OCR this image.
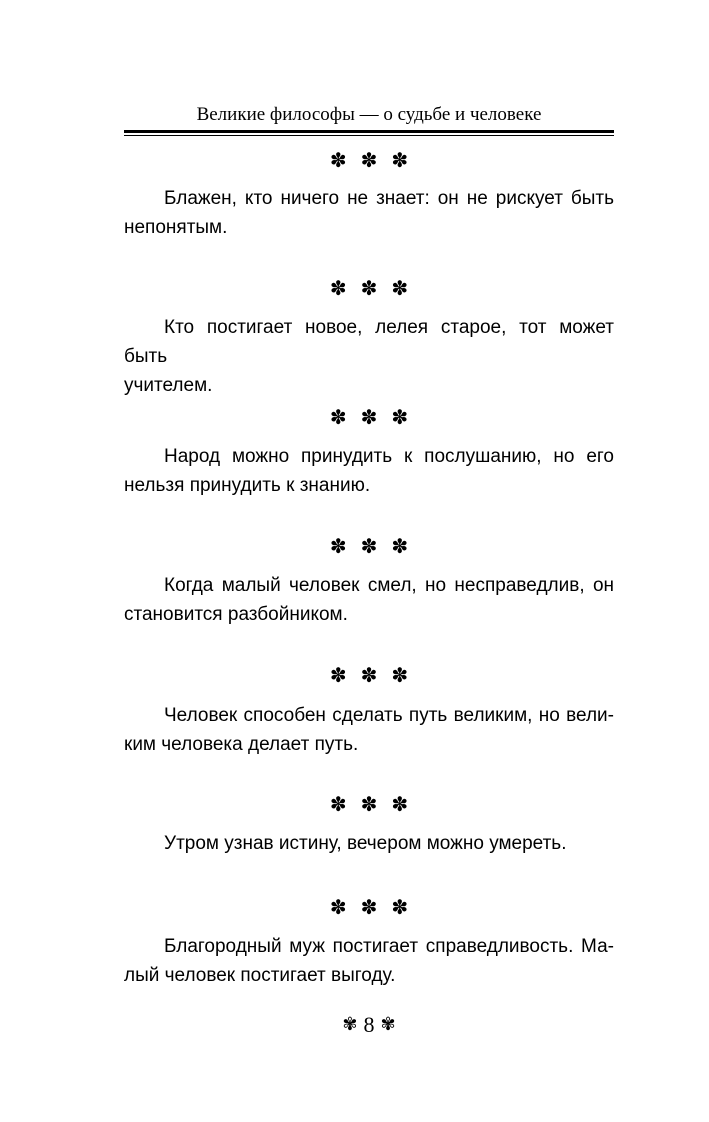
Великие философы — о судьбе и человеке
✽ ✽ ✽

Блажен, кто ничего не знает: он не рискует быть
непонятым.

✽ ✽ ✽

Кто постигает новое, лелея старое, тот может быть
учителем.

✽ ✽ ✽

Народ можно принудить к послушанию, но его
нельзя принудить к знанию.

✽ ✽ ✽

Когда малый человек смел, но несправедлив, он
становится разбойником.

✽ ✽ ✽

Человек способен сделать путь великим, но вели-
ким человека делает путь.

✽ ✽ ✽

Утром узнав истину, вечером можно умереть.

✽ ✽ ✽

Благородный муж постигает справедливость. Ма-
лый человек постигает выгоду.

✾ 8 ✾
